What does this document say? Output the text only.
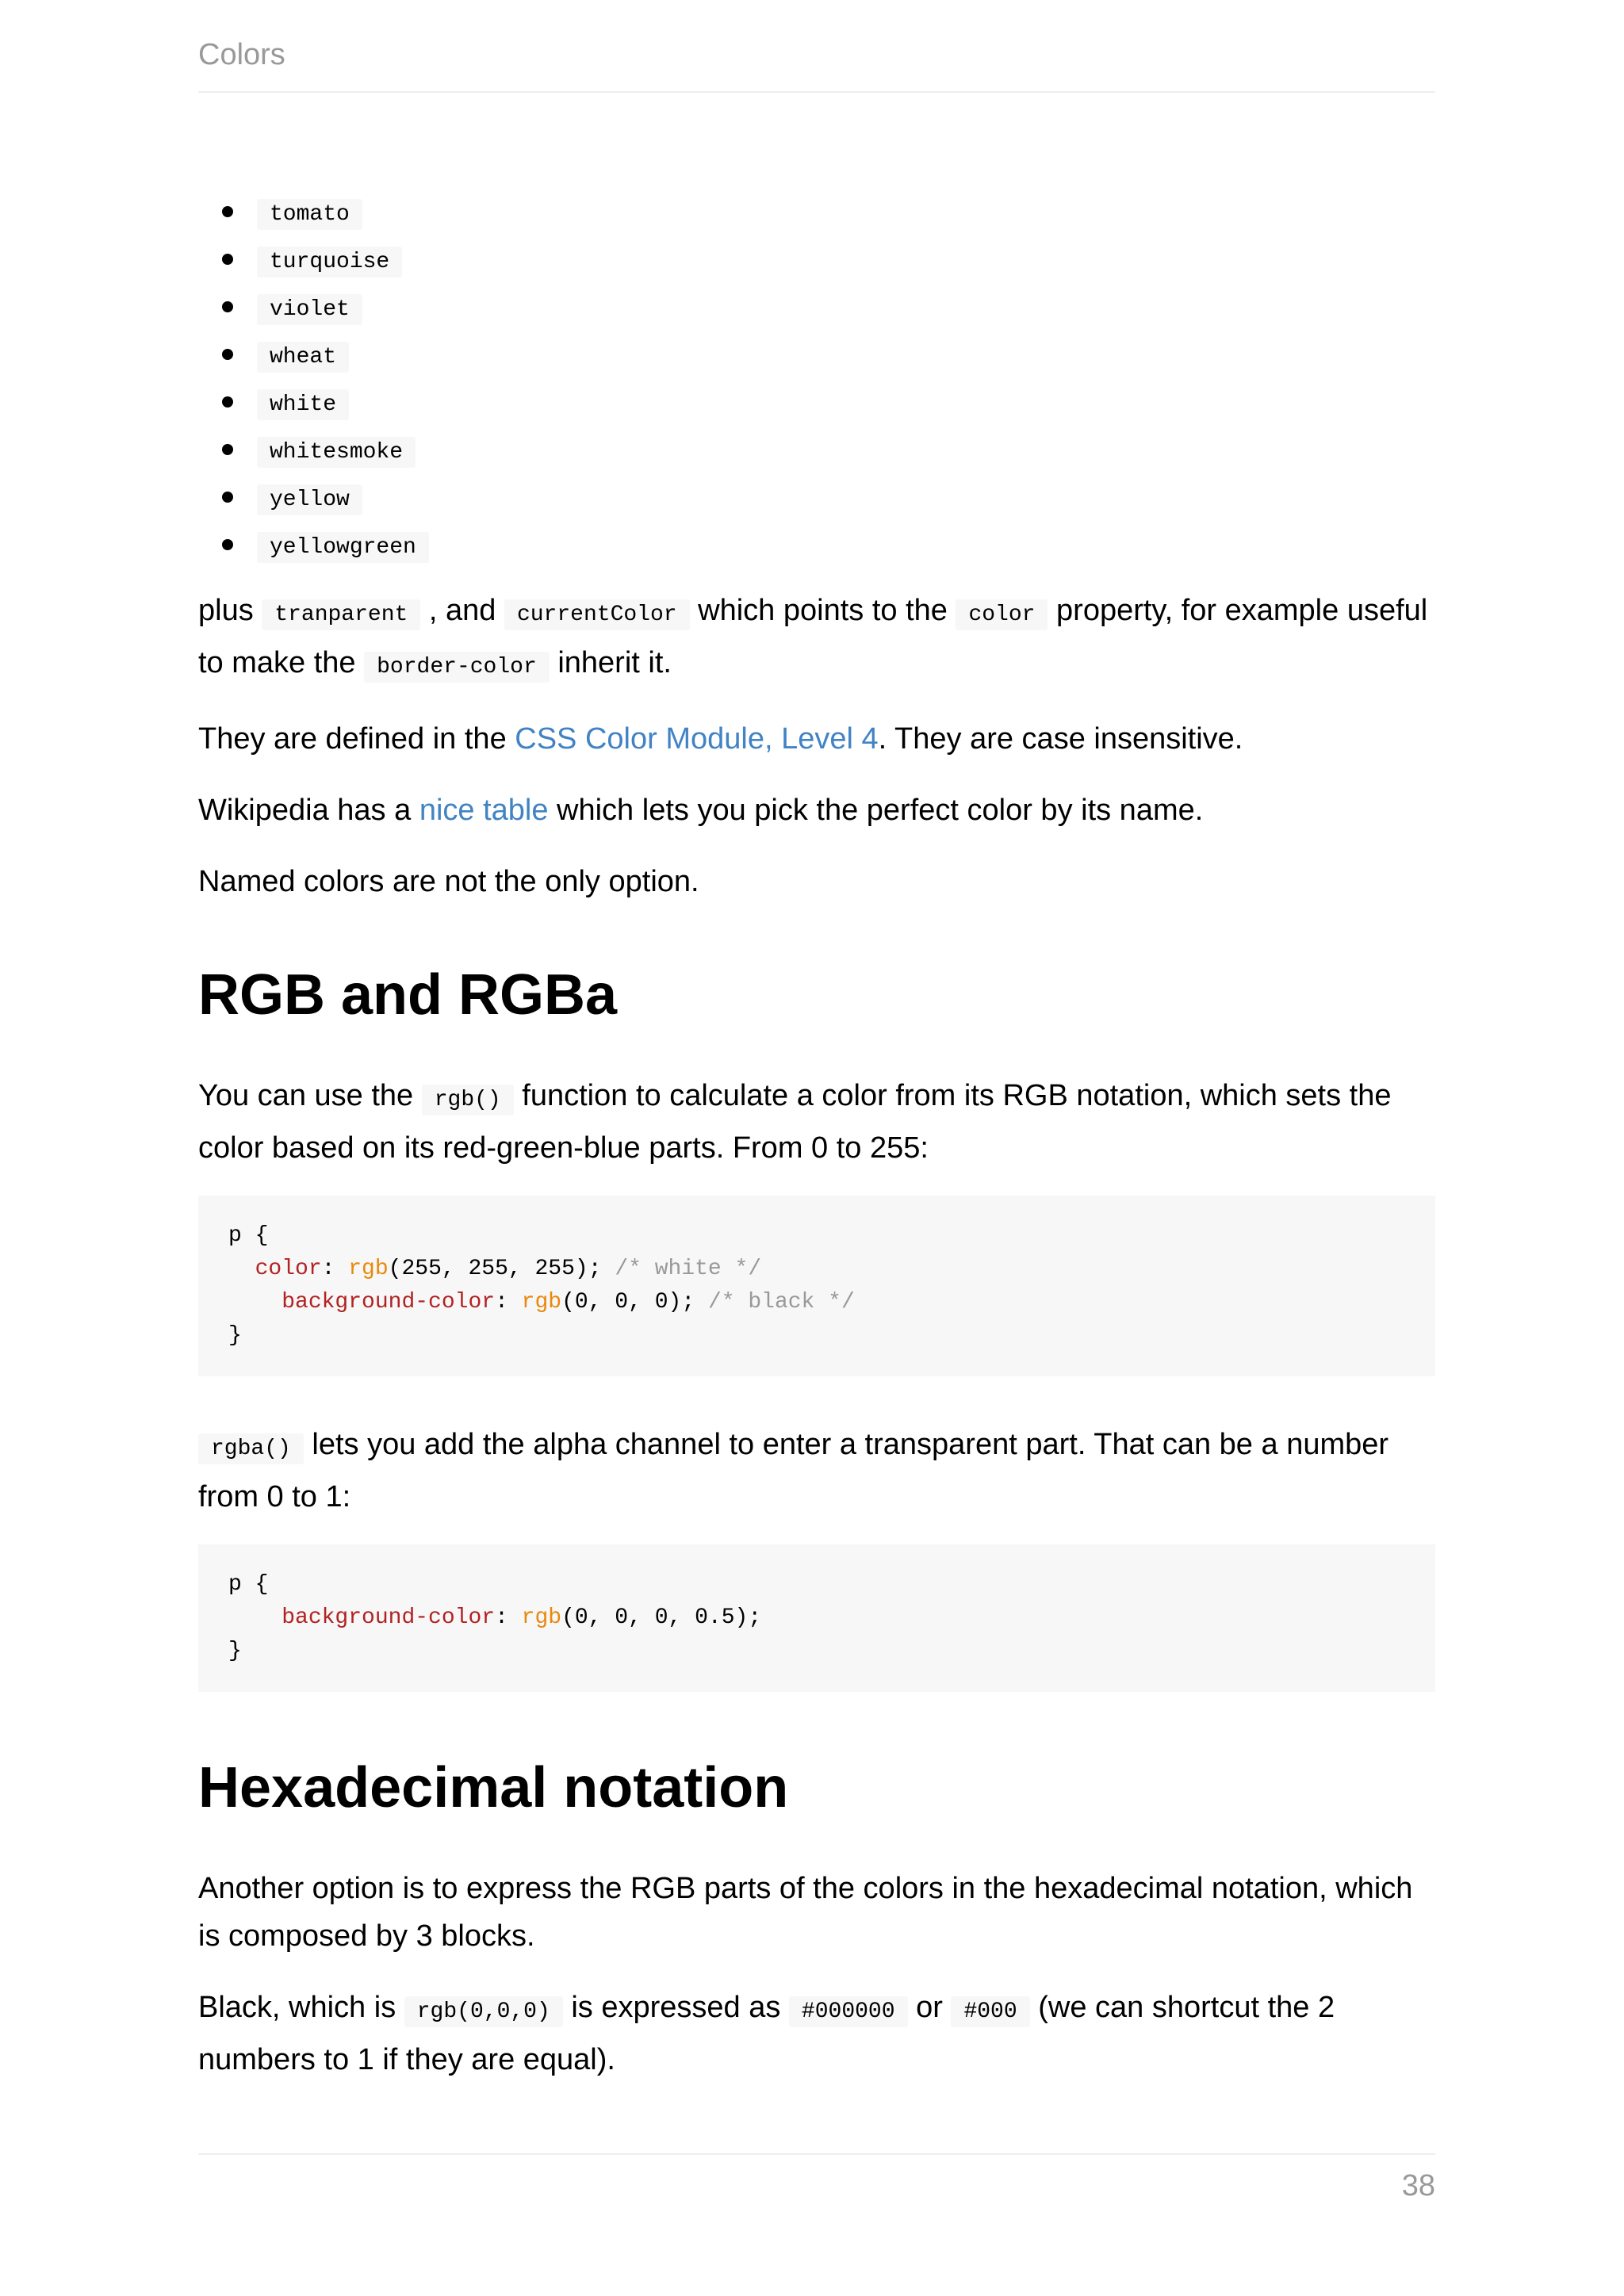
Colors
tomato
turquoise
violet
wheat
white
whitesmoke
yellow
yellowgreen

plus tranparent , and currentColor which points to the color property, for example useful to make the border-color inherit it.

They are defined in the CSS Color Module, Level 4. They are case insensitive.

Wikipedia has a nice table which lets you pick the perfect color by its name.

Named colors are not the only option.

RGB and RGBa

You can use the rgb() function to calculate a color from its RGB notation, which sets the color based on its red-green-blue parts. From 0 to 255:

p {
color: rgb(255, 255, 255); /* white */
background-color: rgb(0, 0, 0); /* black */
}

rgba() lets you add the alpha channel to enter a transparent part. That can be a number from 0 to 1:

p {
background-color: rgb(0, 0, 0, 0.5);
}
Hexadecimal notation

Another option is to express the RGB parts of the colors in the hexadecimal notation, which is composed by 3 blocks.

Black, which is rgb(0,0,0) is expressed as #000000 or #000 (we can shortcut the 2 numbers to 1 if they are equal).

38
